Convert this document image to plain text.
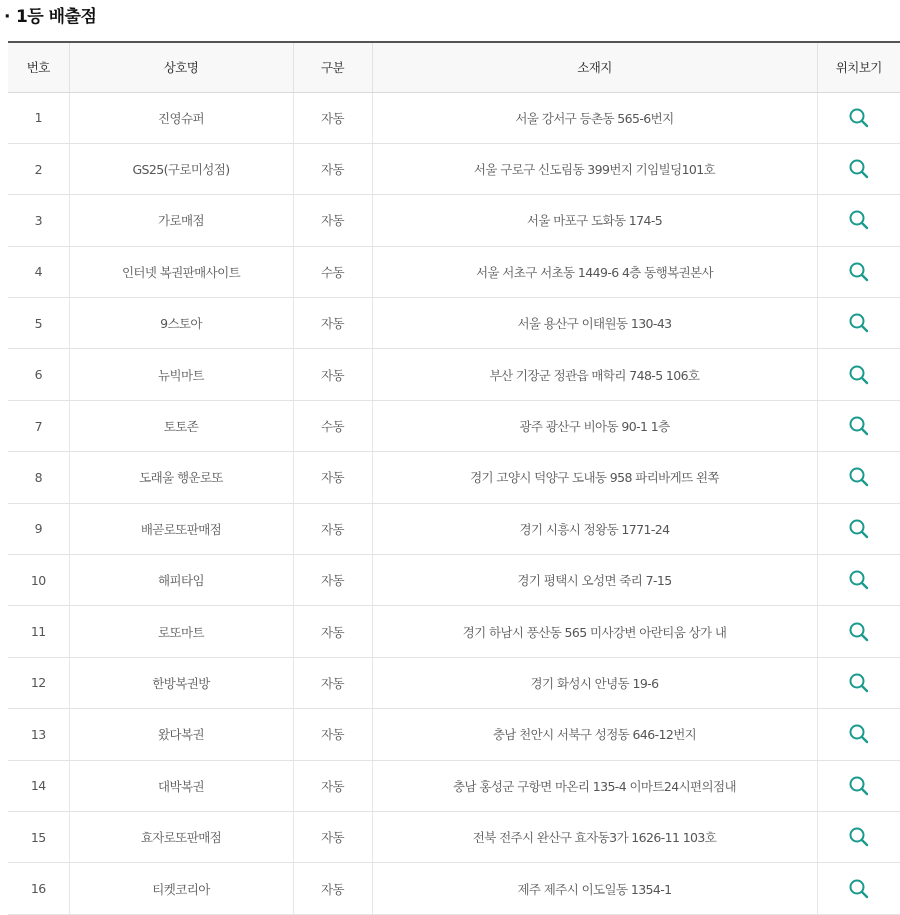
· 1등 배출점
번호	상호명	구분	소재지	위치보기
1	진영슈퍼	자동	서울 강서구 등촌동 565-6번지	

2	GS25(구로미성점)	자동	서울 구로구 신도림동 399번지 기임빌딩101호	

3	가로매점	자동	서울 마포구 도화동 174-5	

4	인터넷 복권판매사이트	수동	서울 서초구 서초동 1449-6 4층 동행복권본사	

5	9스토아	자동	서울 용산구 이태원동 130-43	

6	뉴빅마트	자동	부산 기장군 정관읍 매학리 748-5 106호	

7	토토존	수동	광주 광산구 비아동 90-1 1층	

8	도래울 행운로또	자동	경기 고양시 덕양구 도내동 958 파리바게뜨 왼쪽	

9	배곧로또판매점	자동	경기 시흥시 정왕동 1771-24	

10	해피타임	자동	경기 평택시 오성면 죽리 7-15	

11	로또마트	자동	경기 하남시 풍산동 565 미사강변 아란티움 상가 내	

12	한방복권방	자동	경기 화성시 안녕동 19-6	

13	왔다복권	자동	충남 천안시 서북구 성정동 646-12번지	

14	대박복권	자동	충남 홍성군 구항면 마온리 135-4 이마트24시편의점내	

15	효자로또판매점	자동	전북 전주시 완산구 효자동3가 1626-11 103호	

16	티켓코리아	자동	제주 제주시 이도일동 1354-1	
